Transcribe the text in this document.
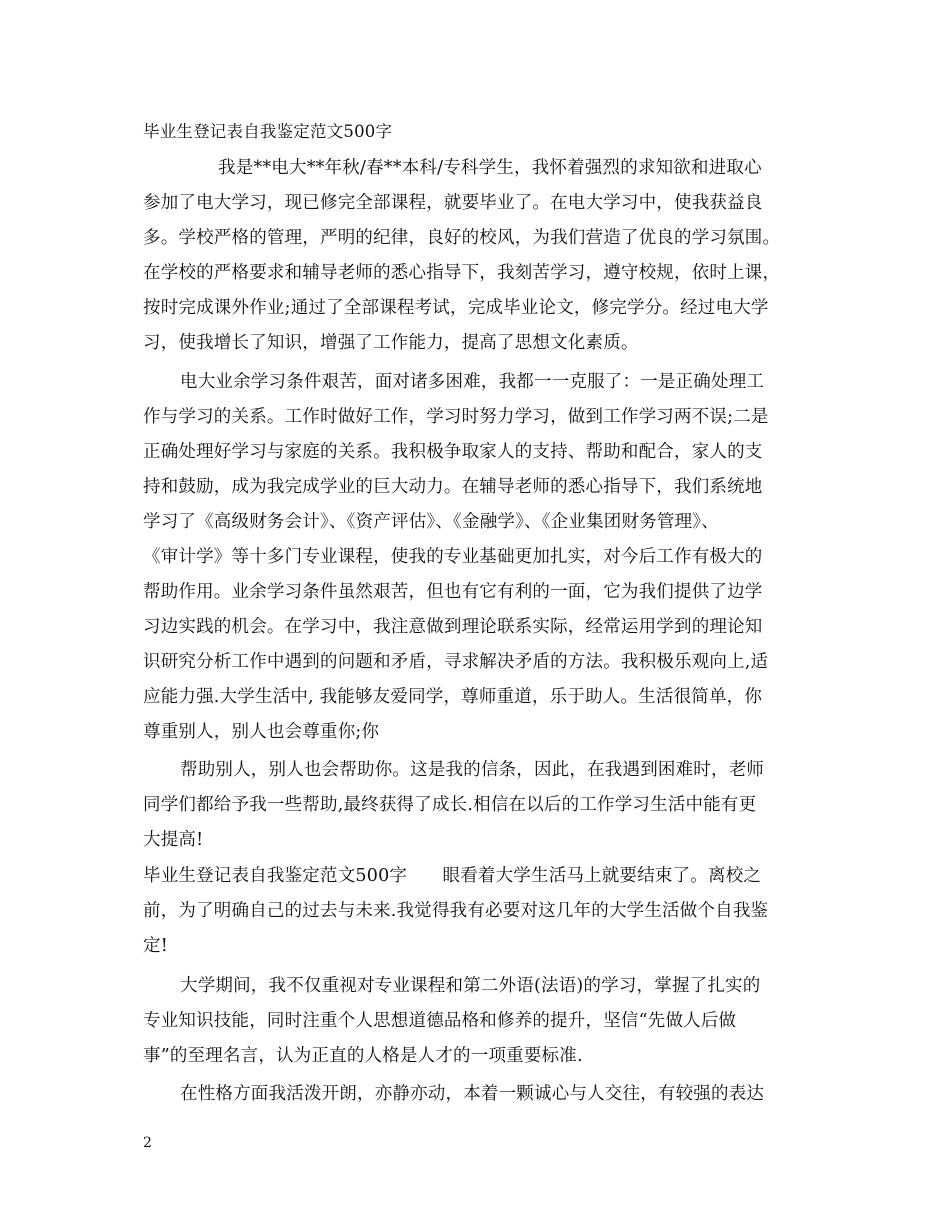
毕业生登记表自我鉴定范文500字
我是**电大**年秋/春**本科/专科学生，我怀着强烈的求知欲和进取心
参加了电大学习，现已修完全部课程，就要毕业了。在电大学习中，使我获益良
多。学校严格的管理，严明的纪律，良好的校风，为我们营造了优良的学习氛围。
在学校的严格要求和辅导老师的悉心指导下，我刻苦学习，遵守校规，依时上课，
按时完成课外作业;通过了全部课程考试，完成毕业论文，修完学分。经过电大学
习，使我增长了知识，增强了工作能力，提高了思想文化素质。
电大业余学习条件艰苦，面对诸多困难，我都一一克服了：一是正确处理工
作与学习的关系。工作时做好工作，学习时努力学习，做到工作学习两不误;二是
正确处理好学习与家庭的关系。我积极争取家人的支持、帮助和配合，家人的支
持和鼓励，成为我完成学业的巨大动力。在辅导老师的悉心指导下，我们系统地
学习了《高级财务会计》、《资产评估》、《金融学》、《企业集团财务管理》、
《审计学》等十多门专业课程，使我的专业基础更加扎实，对今后工作有极大的
帮助作用。业余学习条件虽然艰苦，但也有它有利的一面，它为我们提供了边学
习边实践的机会。在学习中，我注意做到理论联系实际，经常运用学到的理论知
识研究分析工作中遇到的问题和矛盾，寻求解决矛盾的方法。我积极乐观向上,适
应能力强.大学生活中, 我能够友爱同学，尊师重道，乐于助人。生活很简单，你
尊重别人，别人也会尊重你;你
帮助别人，别人也会帮助你。这是我的信条，因此，在我遇到困难时，老师
同学们都给予我一些帮助,最终获得了成长.相信在以后的工作学习生活中能有更
大提高!
毕业生登记表自我鉴定范文500字　　眼看着大学生活马上就要结束了。离校之
前，为了明确自己的过去与未来.我觉得我有必要对这几年的大学生活做个自我鉴
定!
大学期间，我不仅重视对专业课程和第二外语(法语)的学习，掌握了扎实的
专业知识技能，同时注重个人思想道德品格和修养的提升，坚信“先做人后做
事”的至理名言，认为正直的人格是人才的一项重要标准.
在性格方面我活泼开朗，亦静亦动，本着一颗诚心与人交往，有较强的表达
2
